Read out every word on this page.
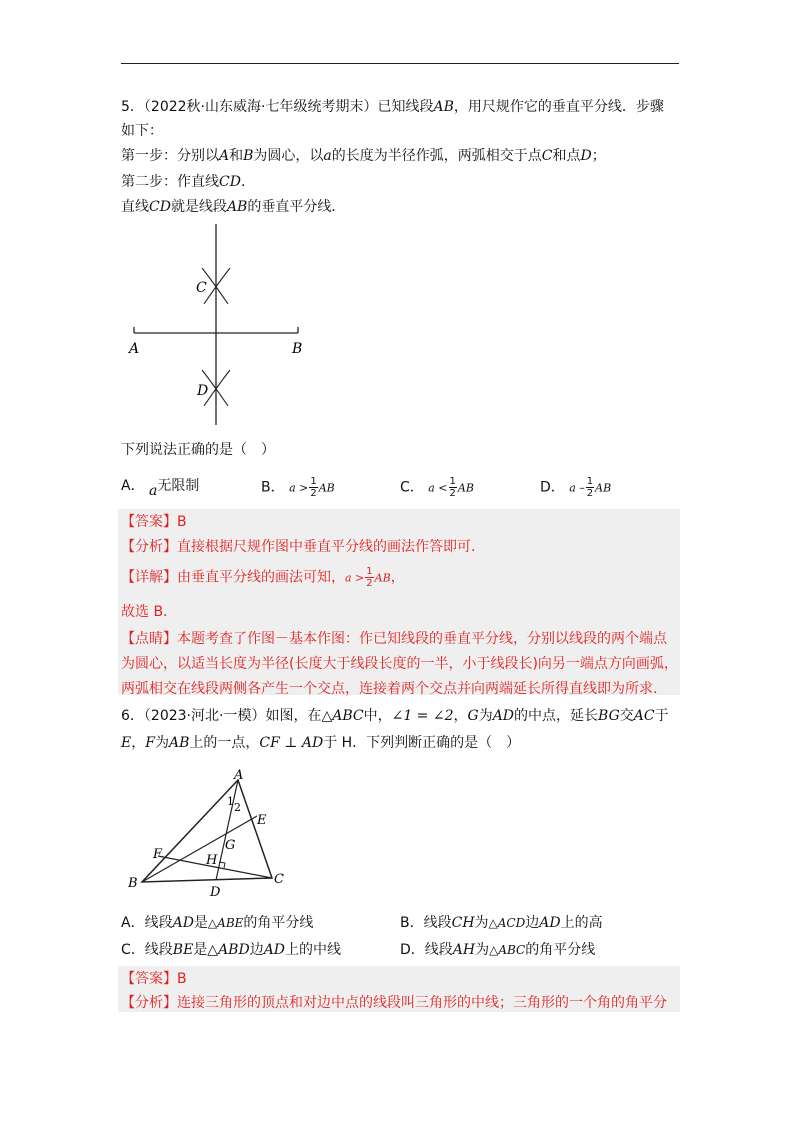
5．（2022秋·山东威海·七年级统考期末）已知线段AB，用尺规作它的垂直平分线．步骤
如下：
第一步：分别以A和B为圆心，以a的长度为半径作弧，两弧相交于点C和点D；
第二步：作直线CD．
直线CD就是线段AB的垂直平分线．
C
D
A	B
下列说法正确的是（　）
A． a无限制	B． $a > \frac{1}{2}$ AB	C． $a < \frac{1}{2}$ AB	D． a – $\frac{1}{2}$ AB
【答案】B
【分析】直接根据尺规作图中垂直平分线的画法作答即可．
【详解】由垂直平分线的画法可知，$a > \frac{1}{2}$ AB，
故选 B．
【点睛】本题考查了作图－基本作图：作已知线段的垂直平分线，分别以线段的两个端点
为圆心，以适当长度为半径(长度大于线段长度的一半，小于线段长)向另一端点方向画弧，
两弧相交在线段两侧各产生一个交点，连接着两个交点并向两端延长所得直线即为所求．
6．（2023·河北·一模）如图，在△ABC中，∠1 = ∠2，G为AD的中点，延长BG交AC于
E，F为AB上的一点，CF ⊥ AD于 H．下列判断正确的是（　）
A
1 2
E
F
G
H
B
D
C
A．线段AD是△ABE的角平分线	B．线段CH为△ACD边AD上的高
C．线段BE是△ABD边AD上的中线	D．线段AH为△ABC的角平分线
【答案】B
【分析】连接三角形的顶点和对边中点的线段叫三角形的中线；三角形的一个角的角平分
